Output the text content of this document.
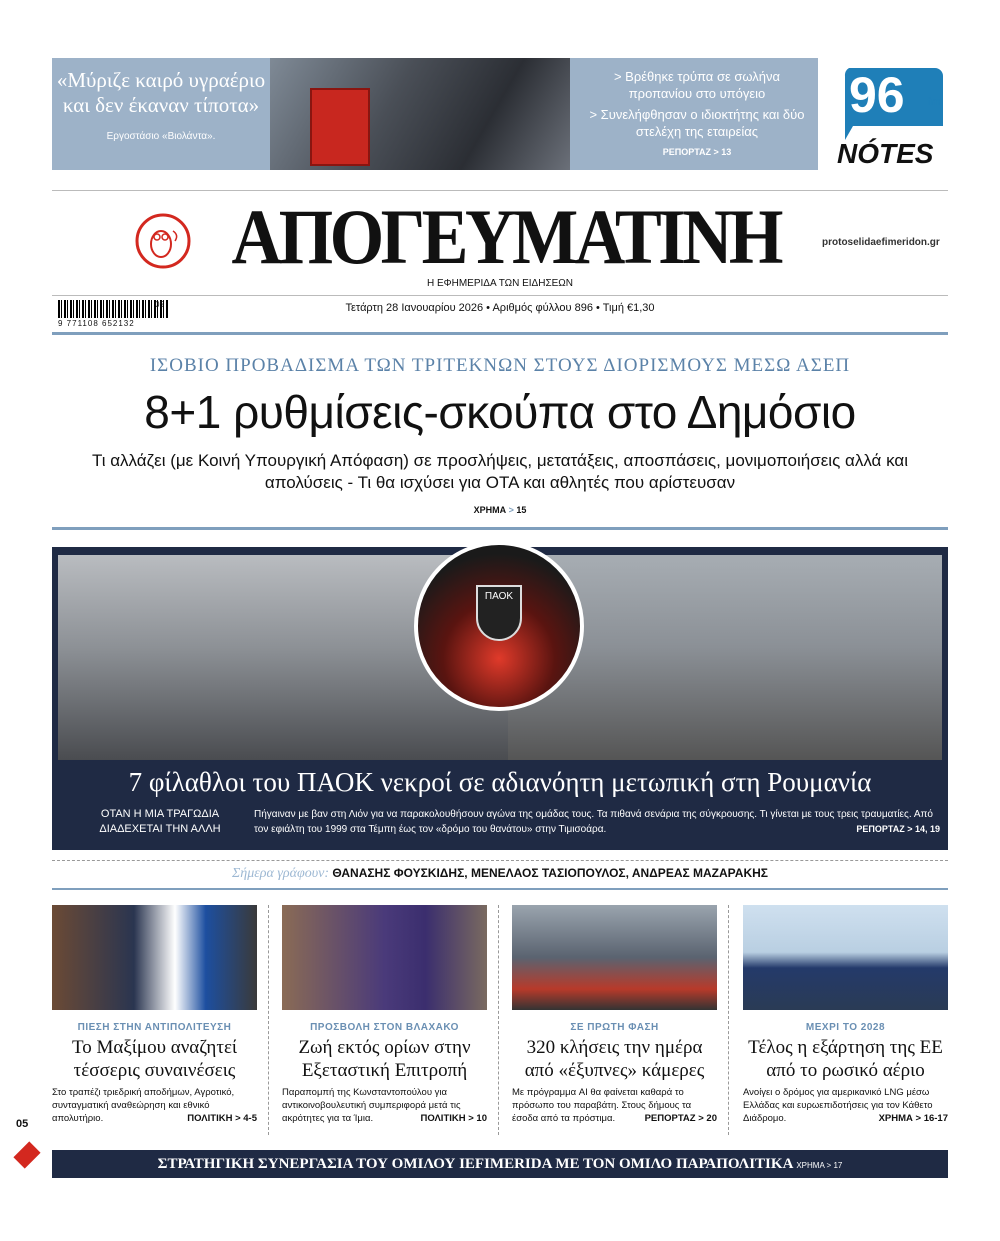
«Μύριζε καιρό υγραέριο και δεν έκαναν τίποτα»
Εργοστάσιο «Βιολάντα».

> Βρέθηκε τρύπα σε σωλήνα προπανίου στο υπόγειο

> Συνελήφθησαν ο ιδιοκτήτης και δύο στελέχη της εταιρείας

ΡΕΠΟΡΤΑΖ > 13

96 fm
NÓTES
ΑΠΟΓΕΥΜΑΤΙΝΗ	protoselidaefimeridon.gr
Η ΕΦΗΜΕΡΙΔΑ ΤΩΝ ΕΙΔΗΣΕΩΝ
05
9 771108 652132
Τετάρτη 28 Ιανουαρίου 2026 • Αριθμός φύλλου 896 • Τιμή €1,30
ΙΣΟΒΙΟ ΠΡΟΒΑΔΙΣΜΑ ΤΩΝ ΤΡΙΤΕΚΝΩΝ ΣΤΟΥΣ ΔΙΟΡΙΣΜΟΥΣ ΜΕΣΩ ΑΣΕΠ
8+1 ρυθμίσεις-σκούπα στο Δημόσιο
Τι αλλάζει (με Κοινή Υπουργική Απόφαση) σε προσλήψεις, μετατάξεις, αποσπάσεις, μονιμοποιήσεις αλλά και απολύσεις - Τι θα ισχύσει για ΟΤΑ και αθλητές που αρίστευσαν
ΧΡΗΜΑ > 15
ΠΑΟΚ
7 φίλαθλοι του ΠΑΟΚ νεκροί σε αδιανόητη μετωπική στη Ρουμανία
ΟΤΑΝ Η ΜΙΑ ΤΡΑΓΩΔΙΑ ΔΙΑΔΕΧΕΤΑΙ ΤΗΝ ΑΛΛΗ
Πήγαιναν με βαν στη Λιόν για να παρακολουθήσουν αγώνα της ομάδας τους. Τα πιθανά σενάρια της σύγκρουσης. Τι γίνεται με τους τρεις τραυματίες. Από τον εφιάλτη του 1999 στα Τέμπη έως τον «δρόμο του θανάτου» στην Τιμισοάρα.	ΡΕΠΟΡΤΑΖ > 14, 19
Σήμερα γράφουν: ΘΑΝΑΣΗΣ ΦΟΥΣΚΙΔΗΣ, ΜΕΝΕΛΑΟΣ ΤΑΣΙΟΠΟΥΛΟΣ, ΑΝΔΡΕΑΣ ΜΑΖΑΡΑΚΗΣ
ΠΙΕΣΗ ΣΤΗΝ ΑΝΤΙΠΟΛΙΤΕΥΣΗ
Το Μαξίμου αναζητεί τέσσερις συναινέσεις
Στο τραπέζι τριεδρική αποδήμων, Αγροτικό, συνταγματική αναθεώρηση και εθνικό απολυτήριο.	ΠΟΛΙΤΙΚΗ > 4-5
ΠΡΟΣΒΟΛΗ ΣΤΟΝ ΒΛΑΧΑΚΟ
Ζωή εκτός ορίων στην Εξεταστική Επιτροπή
Παραπομπή της Κωνσταντοπούλου για αντικοινοβουλευτική συμπεριφορά μετά τις ακρότητες για τα Ίμια.	ΠΟΛΙΤΙΚΗ > 10
ΣΕ ΠΡΩΤΗ ΦΑΣΗ
320 κλήσεις την ημέρα από «έξυπνες» κάμερες
Με πρόγραμμα AI θα φαίνεται καθαρά το πρόσωπο του παραβάτη. Στους δήμους τα έσοδα από τα πρόστιμα.	ΡΕΠΟΡΤΑΖ > 20
ΜΕΧΡΙ ΤΟ 2028
Τέλος η εξάρτηση της ΕΕ από το ρωσικό αέριο
Ανοίγει ο δρόμος για αμερικανικό LNG μέσω Ελλάδας και ευρωεπιδοτήσεις για τον Κάθετο Διάδρομο.	ΧΡΗΜΑ > 16-17
05
ΣΤΡΑΤΗΓΙΚΗ ΣΥΝΕΡΓΑΣΙΑ ΤΟΥ ΟΜΙΛΟΥ IEFIMERIDA ΜΕ ΤΟΝ ΟΜΙΛΟ ΠΑΡΑΠΟΛΙΤΙΚΑ ΧΡΗΜΑ > 17
